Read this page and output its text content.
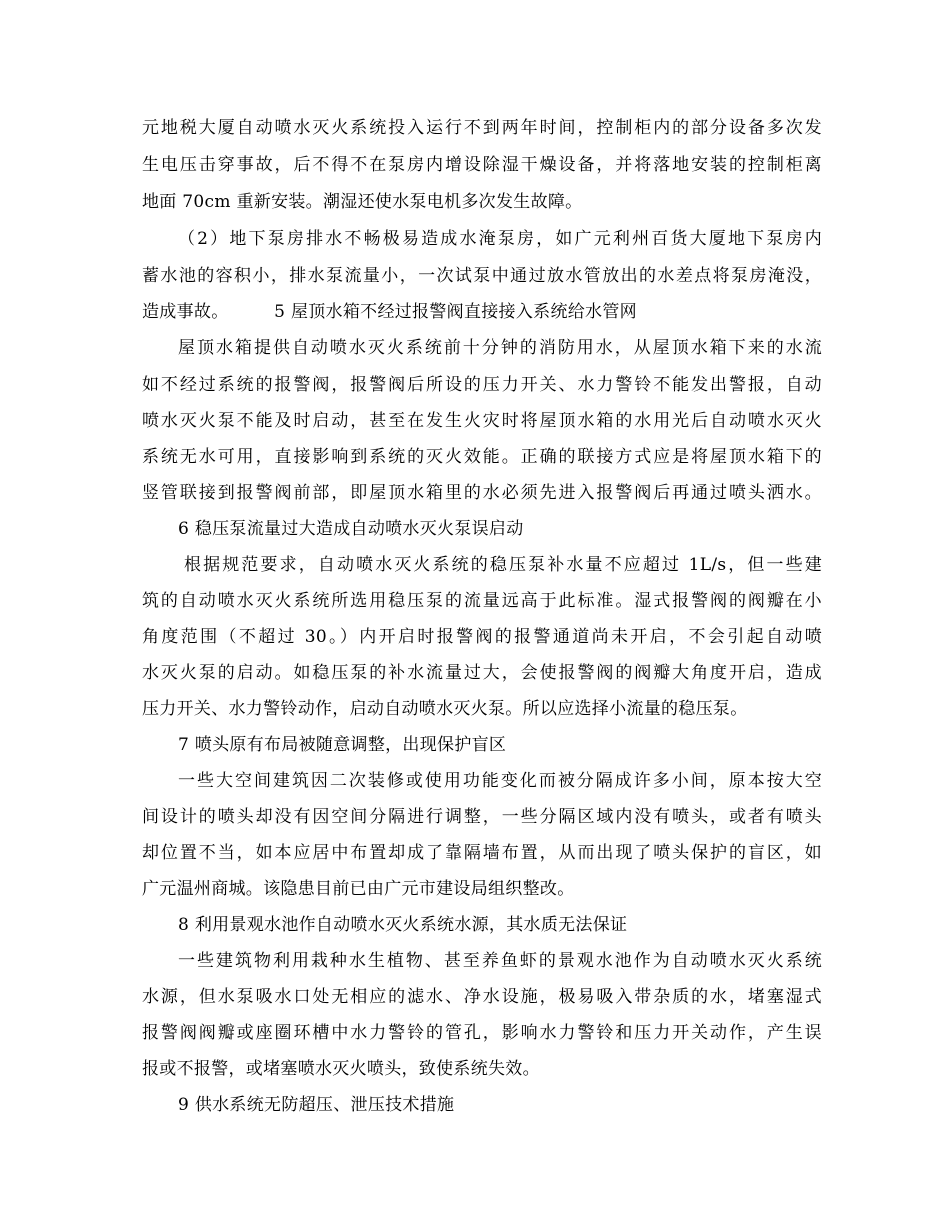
元地税大厦自动喷水灭火系统投入运行不到两年时间，控制柜内的部分设备多次发
生电压击穿事故，后不得不在泵房内增设除湿干燥设备，并将落地安装的控制柜离
地面 70cm 重新安装。潮湿还使水泵电机多次发生故障。
（2）地下泵房排水不畅极易造成水淹泵房，如广元利州百货大厦地下泵房内
蓄水池的容积小，排水泵流量小，一次试泵中通过放水管放出的水差点将泵房淹没，
造成事故。        5 屋顶水箱不经过报警阀直接接入系统给水管网
屋顶水箱提供自动喷水灭火系统前十分钟的消防用水，从屋顶水箱下来的水流
如不经过系统的报警阀，报警阀后所设的压力开关、水力警铃不能发出警报，自动
喷水灭火泵不能及时启动，甚至在发生火灾时将屋顶水箱的水用光后自动喷水灭火
系统无水可用，直接影响到系统的灭火效能。正确的联接方式应是将屋顶水箱下的
竖管联接到报警阀前部，即屋顶水箱里的水必须先进入报警阀后再通过喷头洒水。
6 稳压泵流量过大造成自动喷水灭火泵误启动
根据规范要求，自动喷水灭火系统的稳压泵补水量不应超过 1L/s，但一些建
筑的自动喷水灭火系统所选用稳压泵的流量远高于此标准。湿式报警阀的阀瓣在小
角度范围（不超过 30。）内开启时报警阀的报警通道尚未开启，不会引起自动喷
水灭火泵的启动。如稳压泵的补水流量过大，会使报警阀的阀瓣大角度开启，造成
压力开关、水力警铃动作，启动自动喷水灭火泵。所以应选择小流量的稳压泵。
7 喷头原有布局被随意调整，出现保护盲区
一些大空间建筑因二次装修或使用功能变化而被分隔成许多小间，原本按大空
间设计的喷头却没有因空间分隔进行调整，一些分隔区域内没有喷头，或者有喷头
却位置不当，如本应居中布置却成了靠隔墙布置，从而出现了喷头保护的盲区，如
广元温州商城。该隐患目前已由广元市建设局组织整改。
8 利用景观水池作自动喷水灭火系统水源，其水质无法保证
一些建筑物利用栽种水生植物、甚至养鱼虾的景观水池作为自动喷水灭火系统
水源，但水泵吸水口处无相应的滤水、净水设施，极易吸入带杂质的水，堵塞湿式
报警阀阀瓣或座圈环槽中水力警铃的管孔，影响水力警铃和压力开关动作，产生误
报或不报警，或堵塞喷水灭火喷头，致使系统失效。
9 供水系统无防超压、泄压技术措施
